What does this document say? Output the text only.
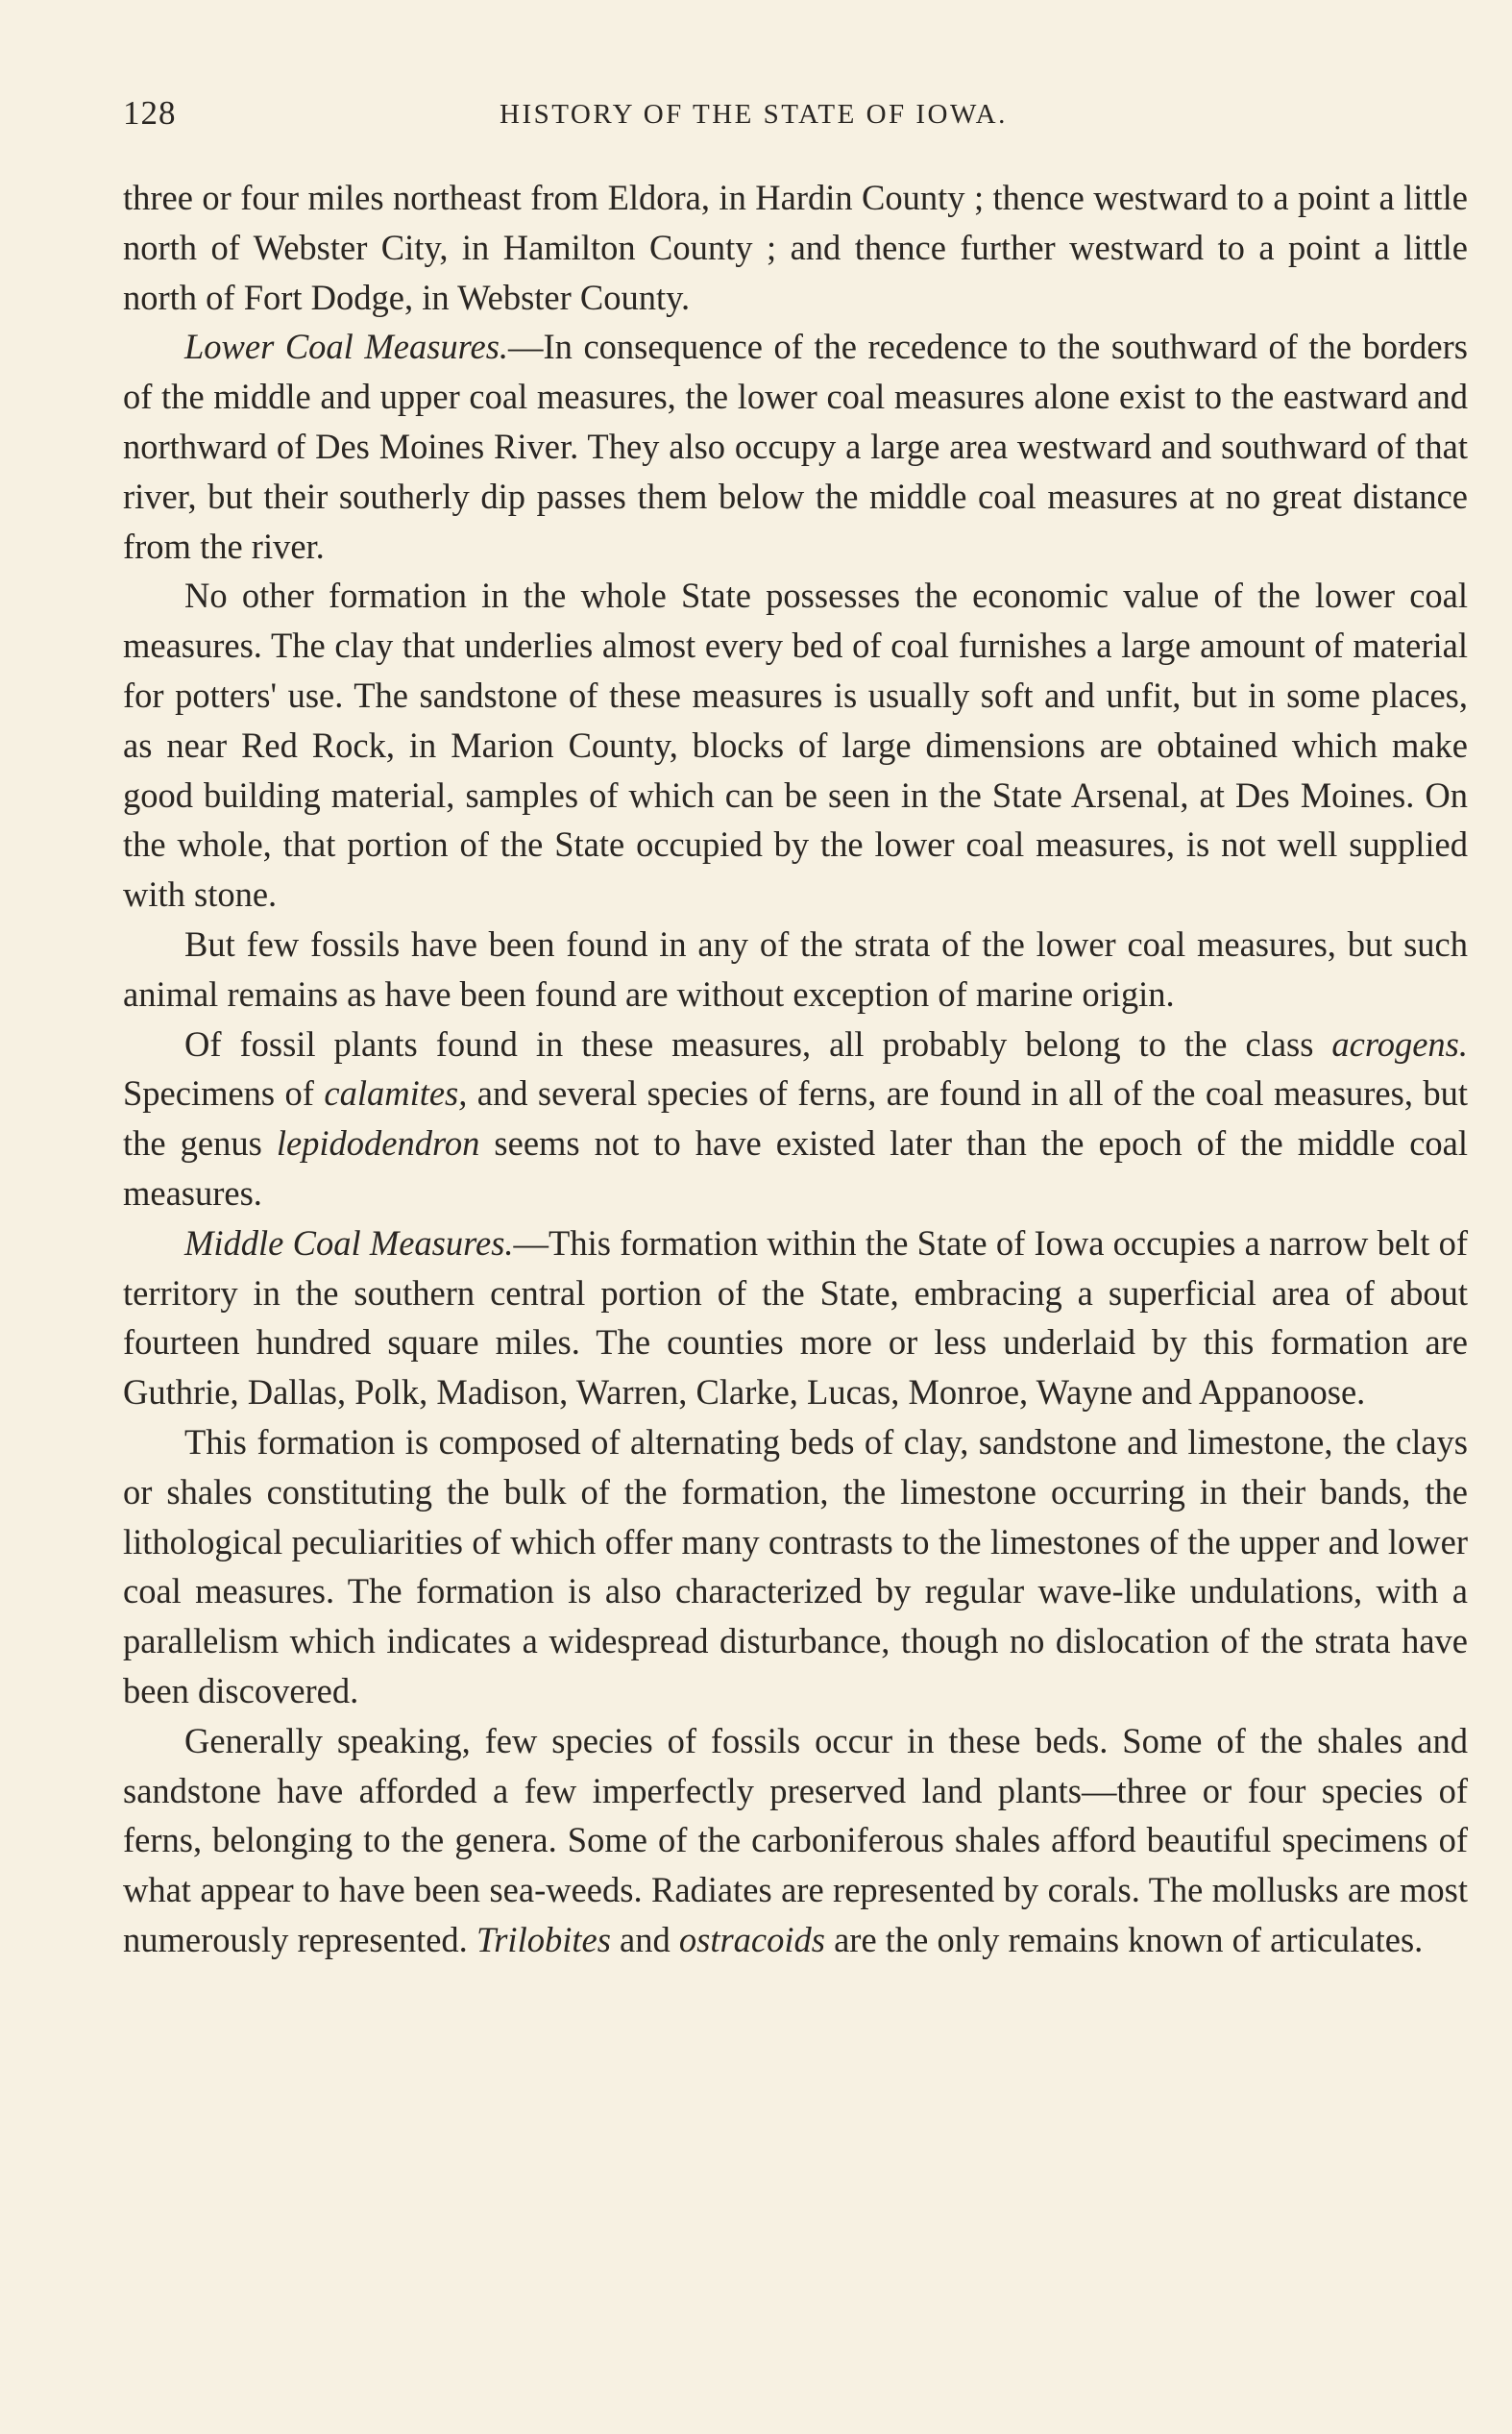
128	HISTORY OF THE STATE OF IOWA.

three or four miles northeast from Eldora, in Hardin County ; thence westward to a point a little north of Webster City, in Hamilton County ; and thence further westward to a point a little north of Fort Dodge, in Webster County.

Lower Coal Measures.—In consequence of the recedence to the southward of the borders of the middle and upper coal measures, the lower coal measures alone exist to the eastward and northward of Des Moines River. They also occupy a large area westward and southward of that river, but their southerly dip passes them below the middle coal measures at no great distance from the river.

No other formation in the whole State possesses the economic value of the lower coal measures. The clay that underlies almost every bed of coal furnishes a large amount of material for potters' use. The sandstone of these measures is usually soft and unfit, but in some places, as near Red Rock, in Marion County, blocks of large dimensions are obtained which make good building material, samples of which can be seen in the State Arsenal, at Des Moines. On the whole, that portion of the State occupied by the lower coal measures, is not well supplied with stone.

But few fossils have been found in any of the strata of the lower coal measures, but such animal remains as have been found are without exception of marine origin.

Of fossil plants found in these measures, all probably belong to the class acrogens. Specimens of calamites, and several species of ferns, are found in all of the coal measures, but the genus lepidodendron seems not to have existed later than the epoch of the middle coal measures.

Middle Coal Measures.—This formation within the State of Iowa occupies a narrow belt of territory in the southern central portion of the State, embracing a superficial area of about fourteen hundred square miles. The counties more or less underlaid by this formation are Guthrie, Dallas, Polk, Madison, Warren, Clarke, Lucas, Monroe, Wayne and Appanoose.

This formation is composed of alternating beds of clay, sandstone and limestone, the clays or shales constituting the bulk of the formation, the limestone occurring in their bands, the lithological peculiarities of which offer many contrasts to the limestones of the upper and lower coal measures. The formation is also characterized by regular wave-like undulations, with a parallelism which indicates a widespread disturbance, though no dislocation of the strata have been discovered.

Generally speaking, few species of fossils occur in these beds. Some of the shales and sandstone have afforded a few imperfectly preserved land plants—three or four species of ferns, belonging to the genera. Some of the carboniferous shales afford beautiful specimens of what appear to have been sea-weeds. Radiates are represented by corals. The mollusks are most numerously represented. Trilobites and ostracoids are the only remains known of articulates.
